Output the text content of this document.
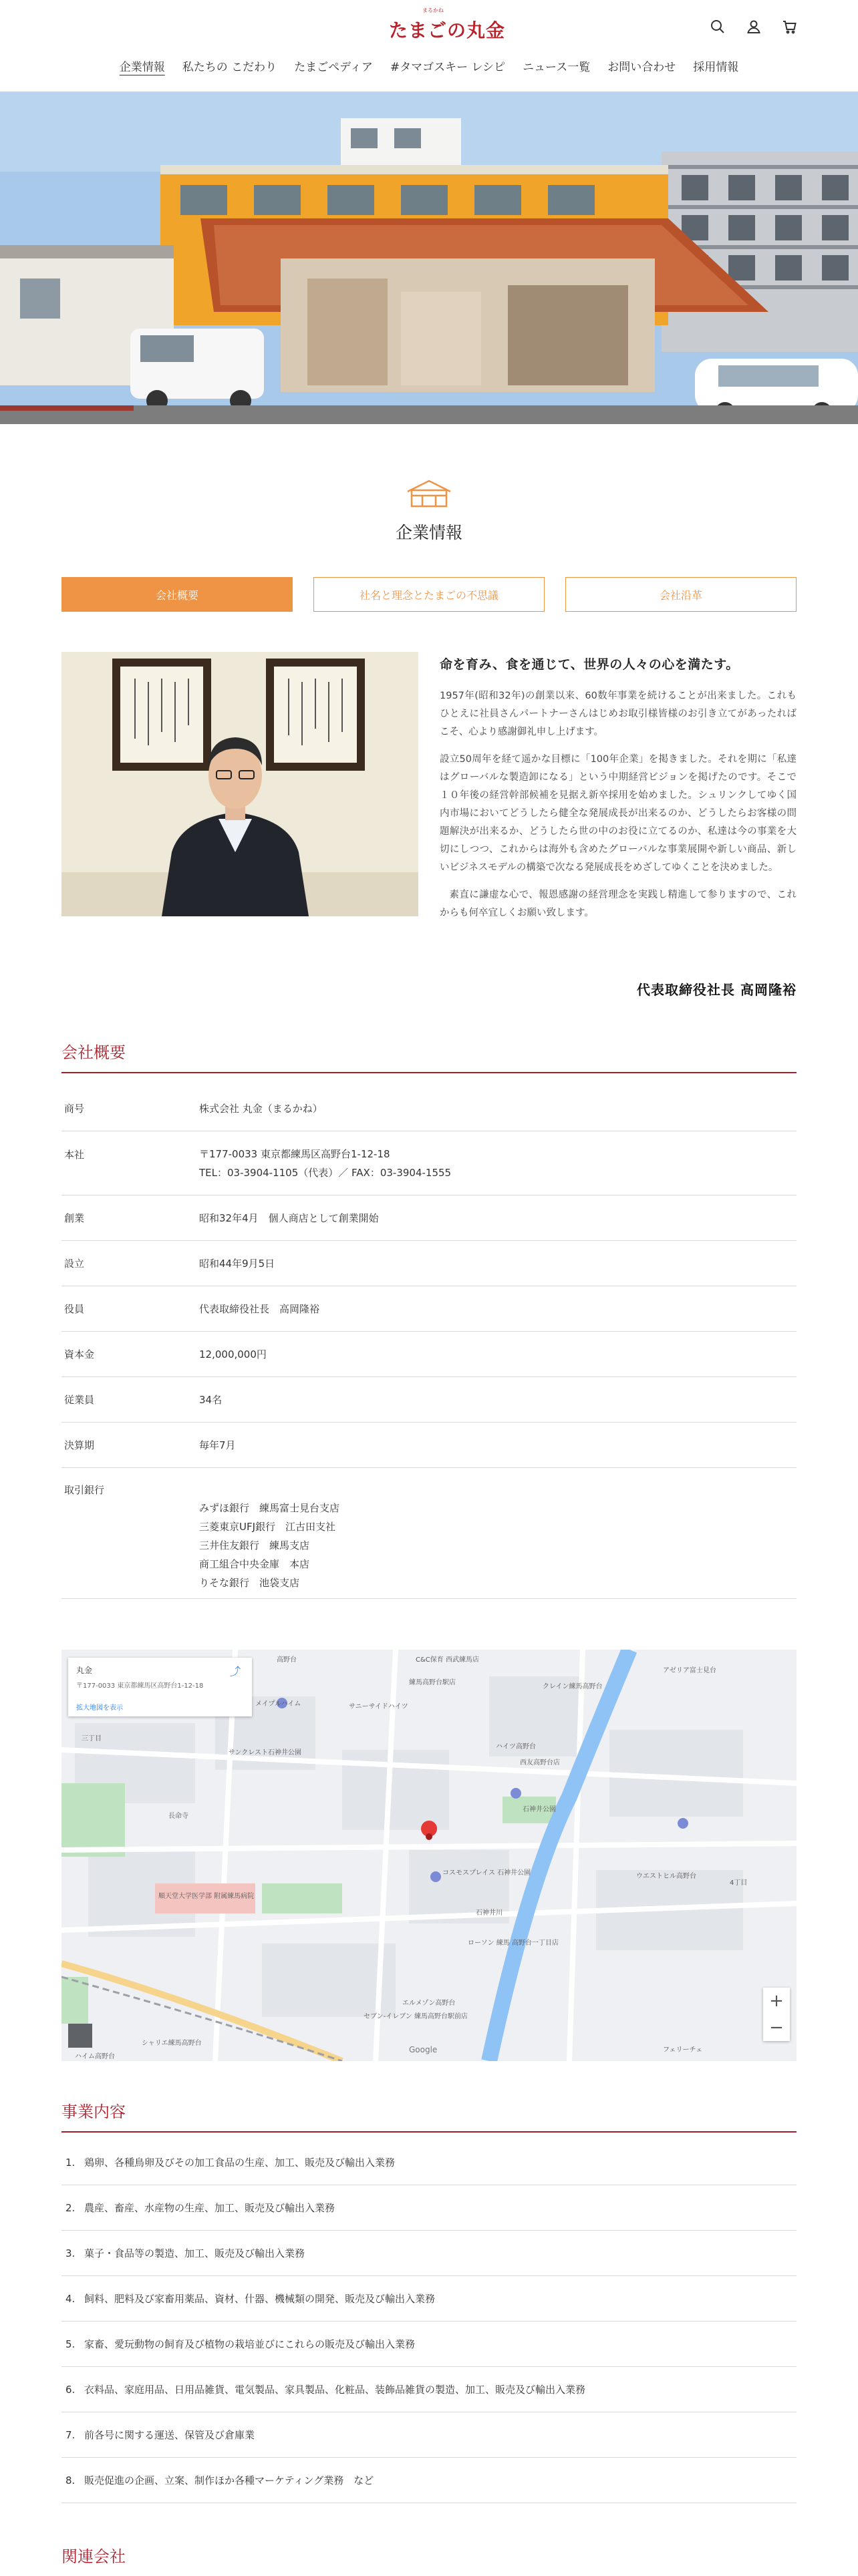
まるかね
たまごの丸金
企業情報	私たちの こだわり	たまごペディア	#タマゴスキー レシピ	ニュース一覧	お問い合わせ	採用情報
企業情報
会社概要	社名と理念とたまごの不思議	会社沿革
命を育み、食を通じて、世界の人々の心を満たす。

1957年(昭和32年)の創業以来、60数年事業を続けることが出来ました。これもひとえに社員さんパートナーさんはじめお取引様皆様のお引き立てがあったればこそ、心より感謝御礼申し上げます。

設立50周年を経て遥かな目標に「100年企業」を掲きました。それを期に「私達はグローバルな製造卸になる」という中期経営ビジョンを掲げたのです。そこで１０年後の経営幹部候補を見据え新卒採用を始めました。シュリンクしてゆく国内市場においてどうしたら健全な発展成長が出来るのか、どうしたらお客様の問題解決が出来るか、どうしたら世の中のお役に立てるのか、私達は今の事業を大切にしつつ、これからは海外も含めたグローバルな事業展開や新しい商品、新しいビジネスモデルの構築で次なる発展成長をめざしてゆくことを決めました。

素直に謙虚な心で、報恩感謝の経営理念を実践し精進して参りますので、これからも何卒宜しくお願い致します。

代表取締役社長 高岡隆裕
会社概要
商号	株式会社 丸金（まるかね）
本社	〒177-0033 東京都練馬区高野台1-12-18
TEL：03-3904-1105（代表）／ FAX：03-3904-1555
創業	昭和32年4月　個人商店として創業開始
設立	昭和44年9月5日
役員	代表取締役社長　高岡隆裕
資本金	12,000,000円
従業員	34名
決算期	毎年7月
取引銀行
みずほ銀行　練馬富士見台支店
三菱東京UFJ銀行　江古田支社
三井住友銀行　練馬支店
商工組合中央金庫　本店
りそな銀行　池袋支店
丸金
〒177-0033 東京都練馬区高野台1-12-18
拡大地図を表示
⤴
高野台	C&C保育 西武練馬店
練馬高野台駅店
クレイン練馬高野台
アゼリア富士見台
メイプルハイム	サニーサイドハイツ
サンクレスト石神井公園
三丁目
長命寺
ハイツ高野台
西友高野台店
石神井公園
順天堂大学医学部 附属練馬病院
コスモスプレイス 石神井公園
石神井川
ローソン 練馬 高野台一丁目店
セブン-イレブン 練馬高野台駅前店
フェリーチェ
4丁目
ウエストヒル高野台
Google
ハイム高野台
シャリエ練馬高野台
エルメゾン高野台	+
−
事業内容
1. 鶏卵、各種鳥卵及びその加工食品の生産、加工、販売及び輸出入業務
2. 農産、畜産、水産物の生産、加工、販売及び輸出入業務
3. 菓子・食品等の製造、加工、販売及び輸出入業務
4. 飼料、肥料及び家畜用薬品、資材、什器、機械類の開発、販売及び輸出入業務
5. 家畜、愛玩動物の飼育及び植物の栽培並びにこれらの販売及び輸出入業務
6. 衣料品、家庭用品、日用品雑貨、電気製品、家具製品、化粧品、装飾品雑貨の製造、加工、販売及び輸出入業務
7. 前各号に関する運送、保管及び倉庫業
8. 販売促進の企画、立案、制作ほか各種マーケティング業務　など
関連会社
